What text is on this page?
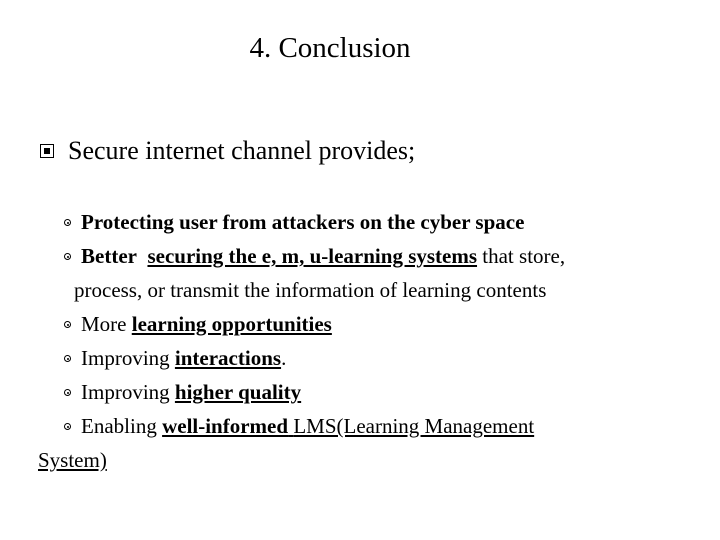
4. Conclusion
Secure internet channel provides;
Protecting user from attackers on the cyber space
Better securing the e, m, u-learning systems that store,
process, or transmit the information of learning contents
More learning opportunities
Improving interactions.
Improving higher quality
Enabling well-informed LMS(Learning Management
System)
